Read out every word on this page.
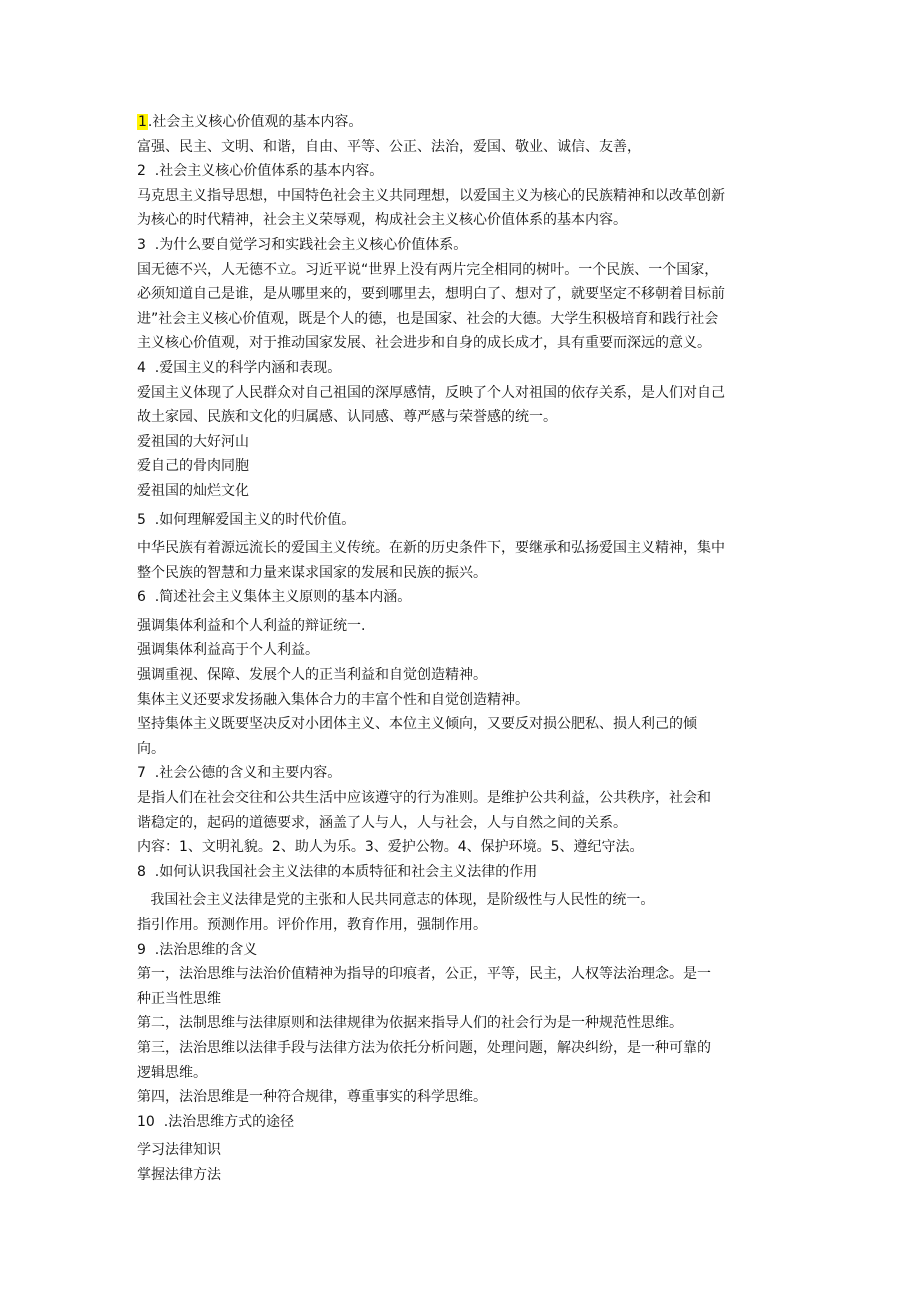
1.社会主义核心价值观的基本内容。
富强、民主、文明、和谐，自由、平等、公正、法治，爱国、敬业、诚信、友善，
2  .社会主义核心价值体系的基本内容。
马克思主义指导思想，中国特色社会主义共同理想，以爱国主义为核心的民族精神和以改革创新
为核心的时代精神，社会主义荣辱观，构成社会主义核心价值体系的基本内容。
3  .为什么要自觉学习和实践社会主义核心价值体系。
国无德不兴，人无德不立。习近平说“世界上没有两片完全相同的树叶。一个民族、一个国家，
必须知道自己是谁，是从哪里来的，要到哪里去，想明白了、想对了，就要坚定不移朝着目标前
进”社会主义核心价值观，既是个人的德，也是国家、社会的大德。大学生积极培育和践行社会
主义核心价值观，对于推动国家发展、社会进步和自身的成长成才，具有重要而深远的意义。
4  .爱国主义的科学内涵和表现。
爱国主义体现了人民群众对自己祖国的深厚感情，反映了个人对祖国的依存关系，是人们对自己
故土家园、民族和文化的归属感、认同感、尊严感与荣誉感的统一。
爱祖国的大好河山
爱自己的骨肉同胞
爱祖国的灿烂文化
5  .如何理解爱国主义的时代价值。
中华民族有着源远流长的爱国主义传统。在新的历史条件下，要继承和弘扬爱国主义精神，集中
整个民族的智慧和力量来谋求国家的发展和民族的振兴。
6  .简述社会主义集体主义原则的基本内涵。
强调集体利益和个人利益的辩证统一.
强调集体利益高于个人利益。
强调重视、保障、发展个人的正当利益和自觉创造精神。
集体主义还要求发扬融入集体合力的丰富个性和自觉创造精神。
坚持集体主义既要坚决反对小团体主义、本位主义倾向，又要反对损公肥私、损人利己的倾
向。
7  .社会公德的含义和主要内容。
是指人们在社会交往和公共生活中应该遵守的行为准则。是维护公共利益，公共秩序，社会和
谐稳定的，起码的道德要求，涵盖了人与人，人与社会，人与自然之间的关系。
内容：1、文明礼貌。2、助人为乐。3、爱护公物。4、保护环境。5、遵纪守法。
8  .如何认识我国社会主义法律的本质特征和社会主义法律的作用
我国社会主义法律是党的主张和人民共同意志的体现，是阶级性与人民性的统一。
指引作用。预测作用。评价作用，教育作用，强制作用。
9  .法治思维的含义
第一，法治思维与法治价值精神为指导的印痕者，公正，平等，民主，人权等法治理念。是一
种正当性思维
第二，法制思维与法律原则和法律规律为依据来指导人们的社会行为是一种规范性思维。
第三，法治思维以法律手段与法律方法为依托分析问题，处理问题，解决纠纷，是一种可靠的
逻辑思维。
第四，法治思维是一种符合规律，尊重事实的科学思维。
10  .法治思维方式的途径
学习法律知识
掌握法律方法
